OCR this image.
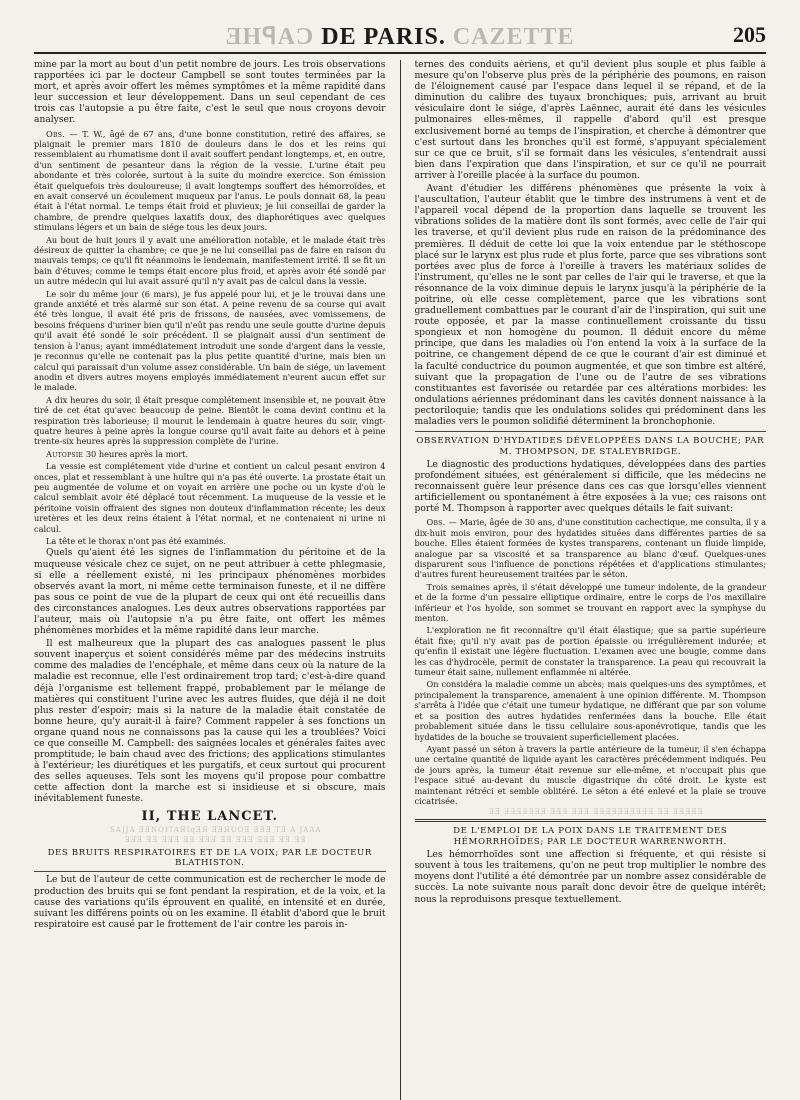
ƎHꟼAƆ DE PARIS. CAZETTE	205

mine par la mort au bout d'un petit nombre de jours. Les trois observations rapportées ici par le docteur Campbell se sont toutes terminées par la mort, et après avoir offert les mêmes symptômes et la même rapidité dans leur succession et leur développement. Dans un seul cependant de ces trois cas l'autopsie a pu être faite, c'est le seul que nous croyons devoir analyser.

Obs. — T. W., âgé de 67 ans, d'une bonne constitution, retiré des affaires, se plaignait le premier mars 1810 de douleurs dans le dos et les reins qui ressemblaient au rhumatisme dont il avait souffert pendant longtemps, et, en outre, d'un sentiment de pesanteur dans la région de la vessie. L'urine était peu abondante et très colorée, surtout à la suite du moindre exercice. Son émission était quelquefois très douloureuse; il avait longtemps souffert des hémorroïdes, et en avait conservé un écoulement muqueux par l'anus. Le pouls donnait 68, la peau était à l'état normal. Le temps était froid et pluvieux; je lui conseillai de garder la chambre, de prendre quelques laxatifs doux, des diaphorétiques avec quelques stimulans légers et un bain de siége tous les deux jours.

Au bout de huit jours il y avait une amélioration notable, et le malade était très désireux de quitter la chambre; ce que je ne lui conseillai pas de faire en raison du mauvais temps; ce qu'il fit néanmoins le lendemain, manifestement irrité. Il se fit un bain d'étuves; comme le temps était encore plus froid, et après avoir été sondé par un autre médecin qui lui avait assuré qu'il n'y avait pas de calcul dans la vessie.

Le soir du même jour (6 mars), je fus appelé pour lui, et je le trouvai dans une grande anxiété et très alarmé sur son état. A peine revenu de sa course qui avait été très longue, il avait été pris de frissons, de nausées, avec vomissemens, de besoins fréquens d'uriner bien qu'il n'eût pas rendu une seule goutte d'urine depuis qu'il avait été sondé le soir précédent. Il se plaignait aussi d'un sentiment de tension à l'anus; ayant immédiatement introduit une sonde d'argent dans la vessie, je reconnus qu'elle ne contenait pas la plus petite quantité d'urine, mais bien un calcul qui paraissait d'un volume assez considérable. Un bain de siége, un lavement anodin et divers autres moyens employés immédiatement n'eurent aucun effet sur le malade.

A dix heures du soir, il était presque complétement insensible et, ne pouvait être tiré de cet état qu'avec beaucoup de peine. Bientôt le coma devint continu et la respiration très laborieuse; il mourut le lendemain à quatre heures du soir, vingt-quatre heures à peine après la longue course qu'il avait faite au dehors et à peine trente-six heures après la suppression complète de l'urine.

Autopsie 30 heures après la mort.

La vessie est complétement vide d'urine et contient un calcul pesant environ 4 onces, plat et ressemblant à une huître qui n'a pas été ouverte. La prostate était un peu augmentée de volume et on voyait en arrière une poche ou un kyste d'où le calcul semblait avoir été déplacé tout récemment. La muqueuse de la vessie et le péritoine voisin offraient des signes non douteux d'inflammation récente; les deux uretères et les deux reins étaient à l'état normal, et ne contenaient ni urine ni calcul.

La tête et le thorax n'ont pas été examinés.

Quels qu'aient été les signes de l'inflammation du péritoine et de la muqueuse vésicale chez ce sujet, on ne peut attribuer à cette phlegmasie, si elle a réellement existé, ni les principaux phénomènes morbides observés avant la mort, ni même cette terminaison funeste, et il ne diffère pas sous ce point de vue de la plupart de ceux qui ont été recueillis dans des circonstances analogues. Les deux autres observations rapportées par l'auteur, mais où l'autopsie n'a pu être faite, ont offert les mêmes phénomènes morbides et la même rapidité dans leur marche.

Il est malheureux que la plupart des cas analogues passent le plus souvent inaperçus et soient considérés même par des médecins instruits comme des maladies de l'encéphale, et même dans ceux où la nature de la maladie est reconnue, elle l'est ordinairement trop tard; c'est-à-dire quand déjà l'organisme est tellement frappé, probablement par le mélange de matières qui constituent l'urine avec les autres fluides, que déjà il ne doit plus rester d'espoir; mais si la nature de la maladie était constatée de bonne heure, qu'y aurait-il à faire? Comment rappeler à ses fonctions un organe quand nous ne connaissons pas la cause qui les a troublées? Voici ce que conseille M. Campbell: des saignées locales et générales faites avec promptitude; le bain chaud avec des frictions; des applications stimulantes à l'extérieur; les diurétiques et les purgatifs, et ceux surtout qui procurent des selles aqueuses. Tels sont les moyens qu'il propose pour combattre cette affection dont la marche est si insidieuse et si obscure, mais inévitablement funeste.

II, THE LANCET.

SAJJA ƎƎNOITAЯIqƎЯ ƎƎЯUOƎ ƎƎƎ TƎ A JAAA

ƎƎƎ ƎƎ ƎƎƎ ƎƎ ƎƎƎ ƎƎ ƎƎƎ ƎƎƎ ƎƎ ƎƎ

DES BRUITS RESPIRATOIRES ET DE LA VOIX; PAR LE DOCTEUR BLATHISTON.

Le but de l'auteur de cette communication est de rechercher le mode de production des bruits qui se font pendant la respiration, et de la voix, et la cause des variations qu'ils éprouvent en qualité, en intensité et en durée, suivant les différens points où on les examine. Il établit d'abord que le bruit respiratoire est causé par le frottement de l'air contre les parois in-

ternes des conduits aériens, et qu'il devient plus souple et plus faible à mesure qu'on l'observe plus près de la périphérie des poumons, en raison de l'éloignement causé par l'espace dans lequel il se répand, et de la diminution du calibre des tuyaux bronchiques; puis, arrivant au bruit vésiculaire dont le siége, d'après Laënnec, aurait été dans les vésicules pulmonaires elles-mêmes, il rappelle d'abord qu'il est presque exclusivement borné au temps de l'inspiration, et cherche à démontrer que c'est surtout dans les bronches qu'il est formé, s'appuyant spécialement sur ce que ce bruit, s'il se formait dans les vésicules, s'entendrait aussi bien dans l'expiration que dans l'inspiration, et sur ce qu'il ne pourrait arriver à l'oreille placée à la surface du poumon.

Avant d'étudier les différens phénomènes que présente la voix à l'auscultation, l'auteur établit que le timbre des instrumens à vent et de l'appareil vocal dépend de la proportion dans laquelle se trouvent les vibrations solides de la matière dont ils sont formés, avec celle de l'air qui les traverse, et qu'il devient plus rude en raison de la prédominance des premières. Il déduit de cette loi que la voix entendue par le stéthoscope placé sur le larynx est plus rude et plus forte, parce que ses vibrations sont portées avec plus de force à l'oreille à travers les matériaux solides de l'instrument, qu'elles ne le sont par celles de l'air qui le traverse, et que la résonnance de la voix diminue depuis le larynx jusqu'à la périphérie de la poitrine, où elle cesse complètement, parce que les vibrations sont graduellement combattues par le courant d'air de l'inspiration, qui suit une route opposée, et par la masse continuellement croissante du tissu spongieux et non homogène du poumon. Il déduit encore du même principe, que dans les maladies où l'on entend la voix à la surface de la poitrine, ce changement dépend de ce que le courant d'air est diminué et la faculté conductrice du poumon augmentée, et que son timbre est altéré, suivant que la propagation de l'une ou de l'autre de ses vibrations constituantes est favorisée ou retardée par ces altérations morbides: les ondulations aériennes prédominant dans les cavités donnent naissance à la pectoriloquie; tandis que les ondulations solides qui prédominent dans les maladies vers le poumon solidifié déterminent la bronchophonie.

OBSERVATION D'HYDATIDES DÉVELOPPÉES DANS LA BOUCHE; PAR M. THOMPSON, DE STALEYBRIDGE.

Le diagnostic des productions hydatiques, développées dans des parties profondément situées, est généralement si difficile, que les médecins ne reconnaissent guère leur présence dans ces cas que lorsqu'elles viennent artificiellement ou spontanément à être exposées à la vue; ces raisons ont porté M. Thompson à rapporter avec quelques détails le fait suivant:

Obs. — Marie, âgée de 30 ans, d'une constitution cachectique, me consulta, il y a dix-huit mois environ, pour des hydatides situées dans différentes parties de sa bouche. Elles étaient formées de kystes transparens, contenant un fluide limpide, analogue par sa viscosité et sa transparence au blanc d'œuf. Quelques-unes disparurent sous l'influence de ponctions répétées et d'applications stimulantes; d'autres furent heureusement traitées par le séton.

Trois semaines après, il s'était développé une tumeur indolente, de la grandeur et de la forme d'un pessaire elliptique ordinaire, entre le corps de l'os maxillaire inférieur et l'os hyoïde, son sommet se trouvant en rapport avec la symphyse du menton.

L'exploration ne fit reconnaître qu'il était élastique; que sa partie supérieure était fixe; qu'il n'y avait pas de portion épaissie ou irrégulièrement indurée; et qu'enfin il existait une légère fluctuation. L'examen avec une bougie, comme dans les cas d'hydrocèle, permit de constater la transparence. La peau qui recouvrait la tumeur était saine, nullement enflammée ni altérée.

On considéra la maladie comme un abcès; mais quelques-uns des symptômes, et principalement la transparence, amenaient à une opinion différente. M. Thompson s'arrêta à l'idée que c'était une tumeur hydatique, ne différant que par son volume et sa position des autres hydatides renfermées dans la bouche. Elle était probablement située dans le tissu cellulaire sous-aponévrotique, tandis que les hydatides de la bouche se trouvaient superficiellement placées.

Ayant passé un séton à travers la partie antérieure de la tumeur, il s'en échappa une certaine quantité de liquide ayant les caractères précédemment indiqués. Peu de jours après, la tumeur était revenue sur elle-même, et n'occupait plus que l'espace situé au-devant du muscle digastrique du côté droit. Le kyste est maintenant rétréci et semble oblitéré. Le séton a été enlevé et la plaie se trouve cicatrisée.

ƎƎ ƎƎƎƎƎƎƎ ƎƎƎ ƎƎƎ ƎƎƎƎƎƎƎƎƎƎ ƎƎ ƎƎƎƎƎ

DE L'EMPLOI DE LA POIX DANS LE TRAITEMENT DES HÉMORRHOÏDES; PAR LE DOCTEUR WARRENWORTH.

Les hémorrhoïdes sont une affection si fréquente, et qui résiste si souvent à tous les traitemens, qu'on ne peut trop multiplier le nombre des moyens dont l'utilité a été démontrée par un nombre assez considérable de succès. La note suivante nous paraît donc devoir être de quelque intérêt; nous la reproduisons presque textuellement.
